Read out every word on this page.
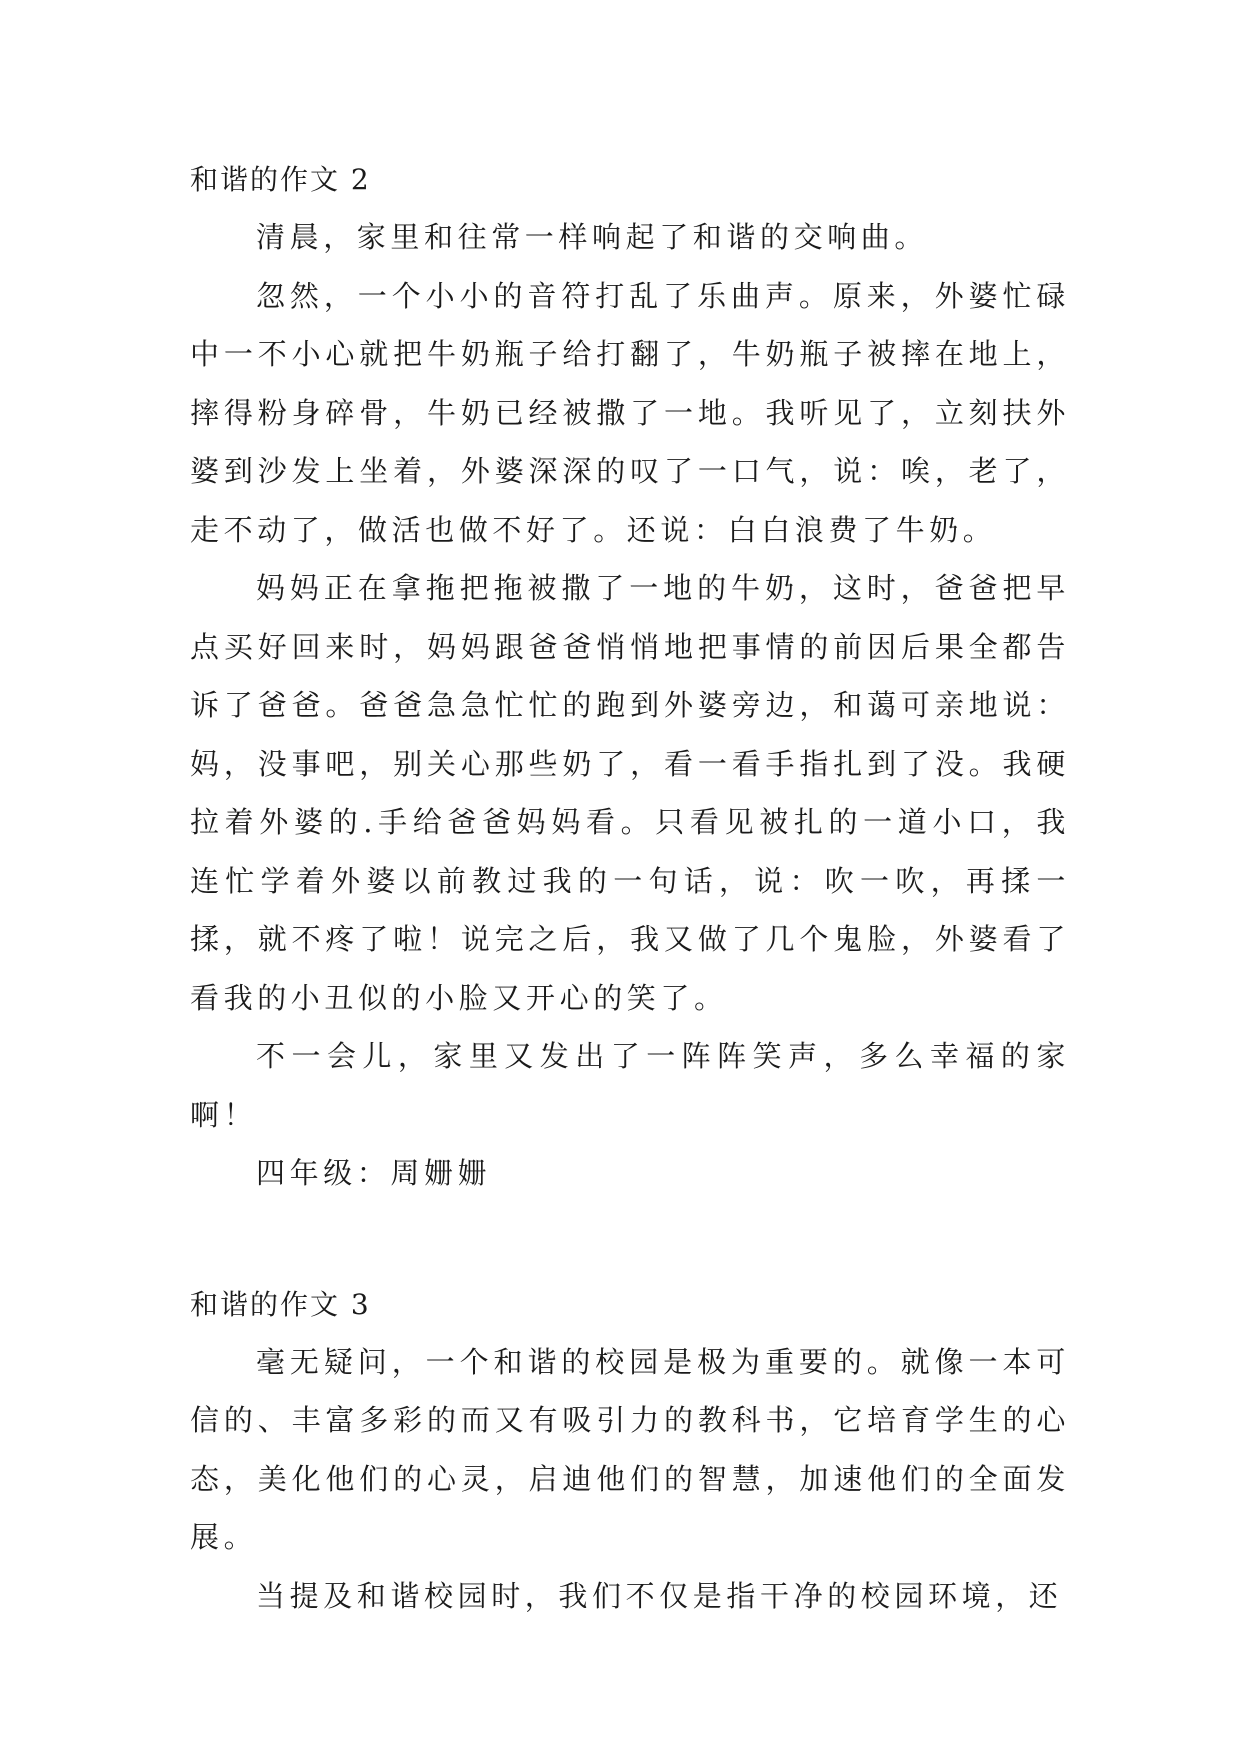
和谐的作文 2

清晨，家里和往常一样响起了和谐的交响曲。

忽然，一个小小的音符打乱了乐曲声。原来，外婆忙碌中一不小心就把牛奶瓶子给打翻了，牛奶瓶子被摔在地上，摔得粉身碎骨，牛奶已经被撒了一地。我听见了，立刻扶外婆到沙发上坐着，外婆深深的叹了一口气，说：唉，老了，走不动了，做活也做不好了。还说：白白浪费了牛奶。

妈妈正在拿拖把拖被撒了一地的牛奶，这时，爸爸把早点买好回来时，妈妈跟爸爸悄悄地把事情的前因后果全都告诉了爸爸。爸爸急急忙忙的跑到外婆旁边，和蔼可亲地说：妈，没事吧，别关心那些奶了，看一看手指扎到了没。我硬拉着外婆的.手给爸爸妈妈看。只看见被扎的一道小口，我连忙学着外婆以前教过我的一句话，说：吹一吹，再揉一揉，就不疼了啦！说完之后，我又做了几个鬼脸，外婆看了看我的小丑似的小脸又开心的笑了。

不一会儿，家里又发出了一阵阵笑声，多么幸福的家啊！

四年级：周姗姗

和谐的作文 3

毫无疑问，一个和谐的校园是极为重要的。就像一本可信的、丰富多彩的而又有吸引力的教科书，它培育学生的心态，美化他们的心灵，启迪他们的智慧，加速他们的全面发展。

当提及和谐校园时，我们不仅是指干净的校园环境，还
